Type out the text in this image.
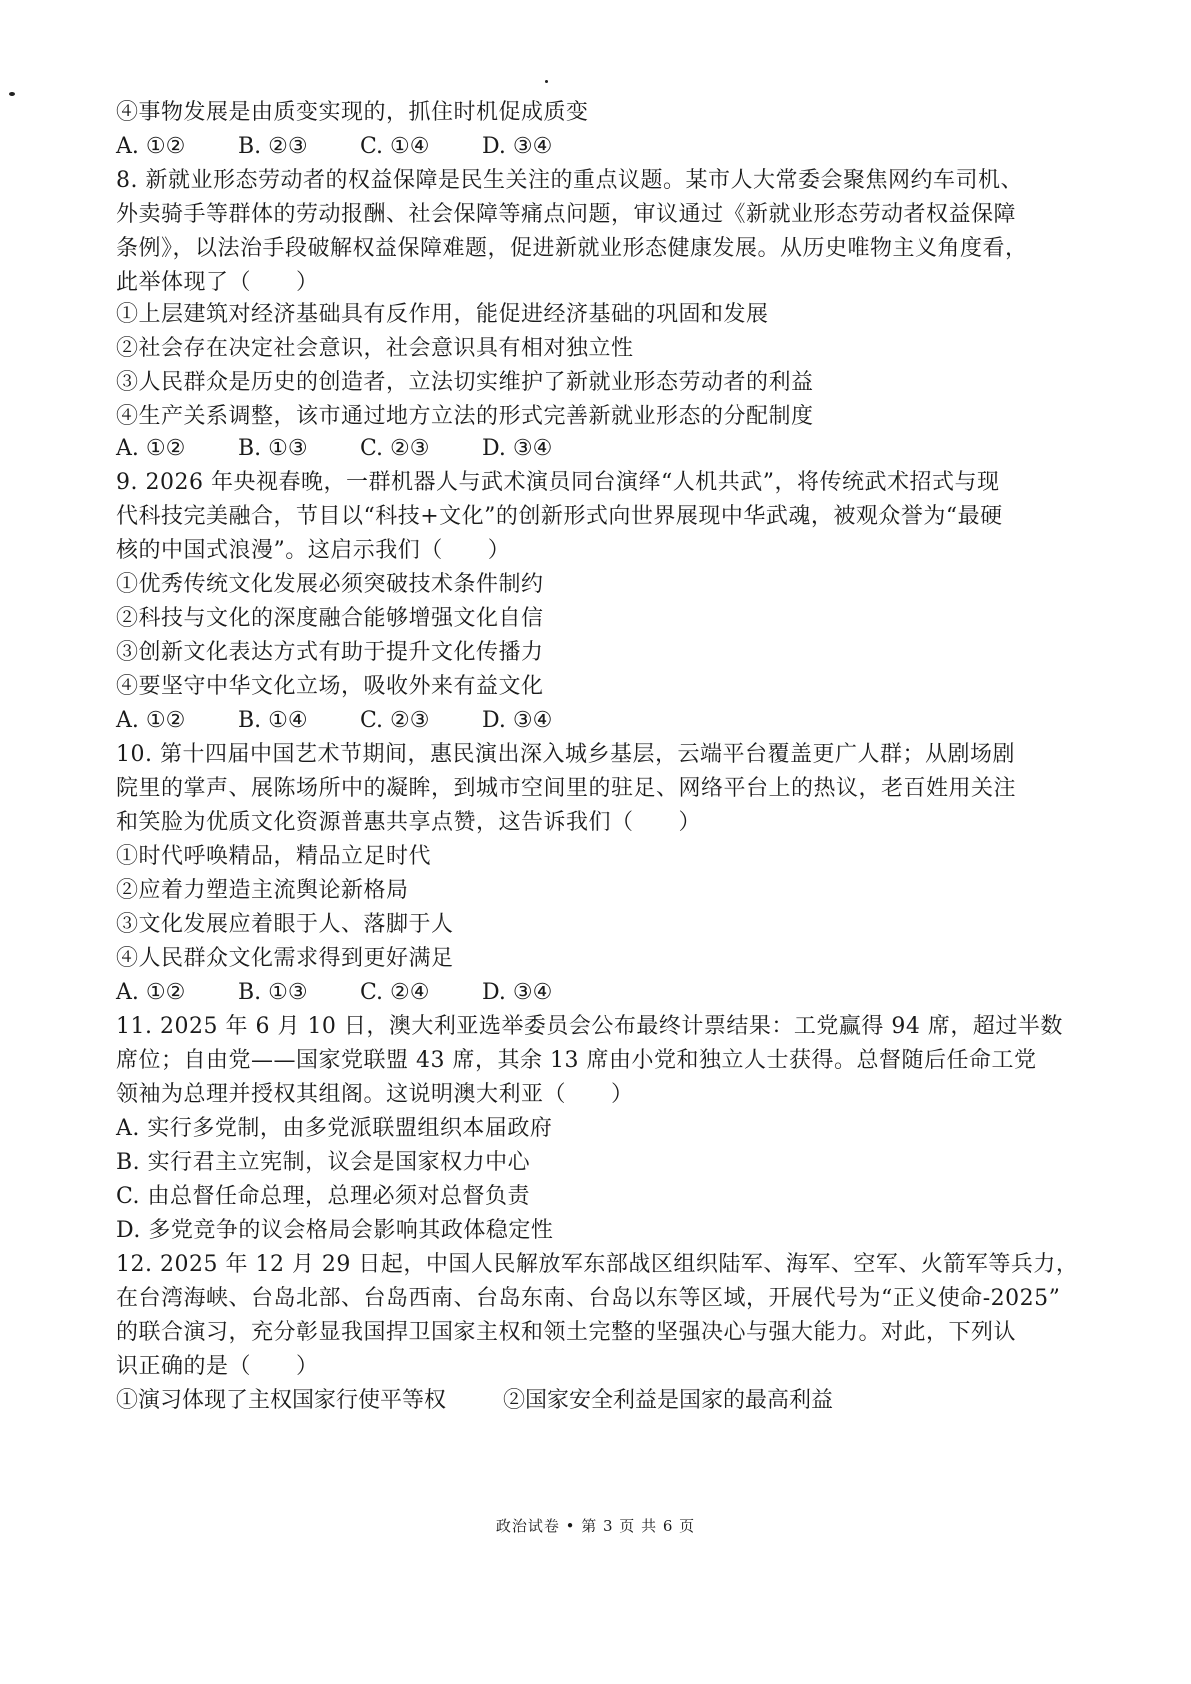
④事物发展是由质变实现的，抓住时机促成质变
A. ①②	B. ②③	C. ①④	D. ③④
8. 新就业形态劳动者的权益保障是民生关注的重点议题。某市人大常委会聚焦网约车司机、
外卖骑手等群体的劳动报酬、社会保障等痛点问题，审议通过《新就业形态劳动者权益保障
条例》，以法治手段破解权益保障难题，促进新就业形态健康发展。从历史唯物主义角度看，
此举体现了（　　）
①上层建筑对经济基础具有反作用，能促进经济基础的巩固和发展
②社会存在决定社会意识，社会意识具有相对独立性
③人民群众是历史的创造者，立法切实维护了新就业形态劳动者的利益
④生产关系调整，该市通过地方立法的形式完善新就业形态的分配制度
A. ①②	B. ①③	C. ②③	D. ③④
9. 2026 年央视春晚，一群机器人与武术演员同台演绎“人机共武”，将传统武术招式与现
代科技完美融合，节目以“科技+文化”的创新形式向世界展现中华武魂，被观众誉为“最硬
核的中国式浪漫”。这启示我们（　　）
①优秀传统文化发展必须突破技术条件制约
②科技与文化的深度融合能够增强文化自信
③创新文化表达方式有助于提升文化传播力
④要坚守中华文化立场，吸收外来有益文化
A. ①②	B. ①④	C. ②③	D. ③④
10. 第十四届中国艺术节期间，惠民演出深入城乡基层，云端平台覆盖更广人群；从剧场剧
院里的掌声、展陈场所中的凝眸，到城市空间里的驻足、网络平台上的热议，老百姓用关注
和笑脸为优质文化资源普惠共享点赞，这告诉我们（　　）
①时代呼唤精品，精品立足时代
②应着力塑造主流舆论新格局
③文化发展应着眼于人、落脚于人
④人民群众文化需求得到更好满足
A. ①②	B. ①③	C. ②④	D. ③④
11. 2025 年 6 月 10 日，澳大利亚选举委员会公布最终计票结果：工党赢得 94 席，超过半数
席位；自由党——国家党联盟 43 席，其余 13 席由小党和独立人士获得。总督随后任命工党
领袖为总理并授权其组阁。这说明澳大利亚（　　）
A. 实行多党制，由多党派联盟组织本届政府
B. 实行君主立宪制，议会是国家权力中心
C. 由总督任命总理，总理必须对总督负责
D. 多党竞争的议会格局会影响其政体稳定性
12. 2025 年 12 月 29 日起，中国人民解放军东部战区组织陆军、海军、空军、火箭军等兵力，
在台湾海峡、台岛北部、台岛西南、台岛东南、台岛以东等区域，开展代号为“正义使命-2025”
的联合演习，充分彰显我国捍卫国家主权和领土完整的坚强决心与强大能力。对此，下列认
识正确的是（　　）
①演习体现了主权国家行使平等权	②国家安全利益是国家的最高利益
政治试卷 • 第 3 页 共 6 页
